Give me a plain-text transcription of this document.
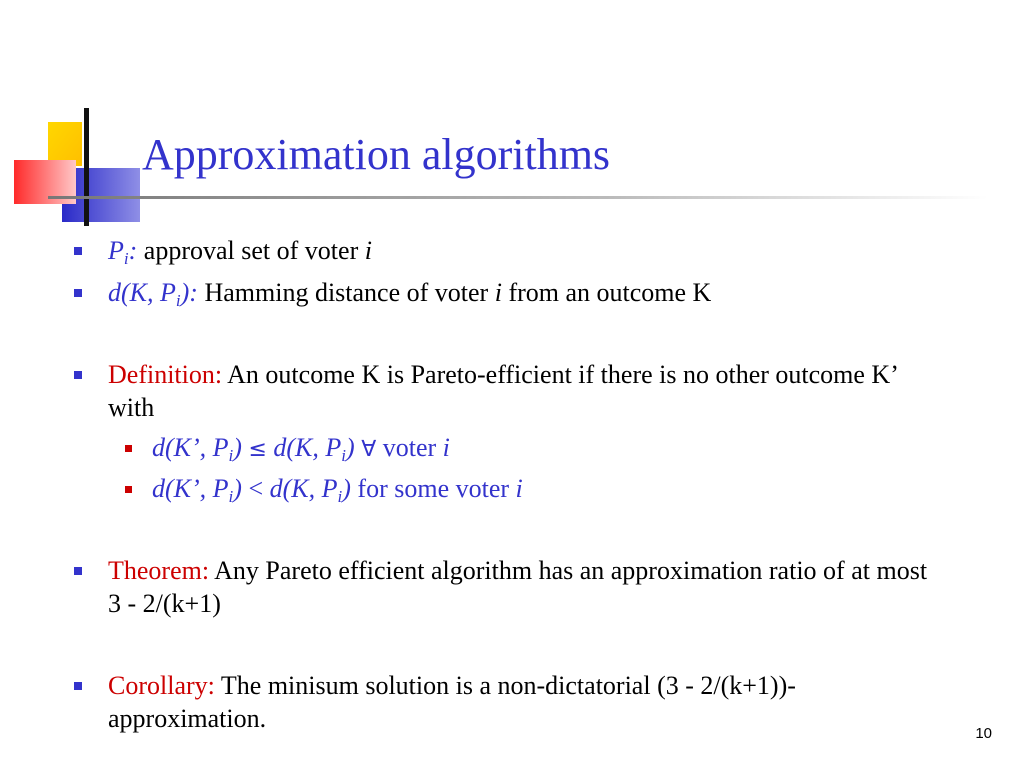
Approximation algorithms
$P_i$: approval set of voter i
d(K, $P_i$): Hamming distance of voter i from an outcome K
Definition: An outcome K is Pareto-efficient if there is no other outcome K’ with
d(K’, $P_i) \le d(K$, $P_i$) ∀ voter i
d(K’, $P_i) < d(K$, $P_i$) for some voter i
Theorem: Any Pareto efficient algorithm has an approximation ratio of at most 3 - 2/(k+1)
Corollary: The minisum solution is a non-dictatorial (3 - 2/(k+1))-approximation.
10
